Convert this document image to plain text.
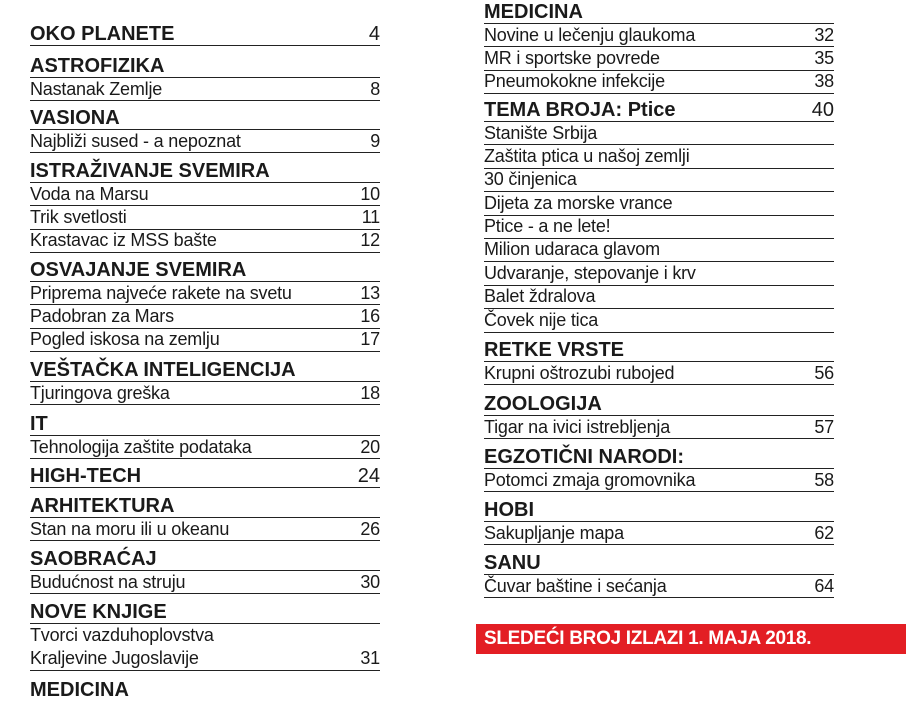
OKO PLANETE	4
ASTROFIZIKA
Nastanak Zemlje	8
VASIONA
Najbliži sused - a nepoznat	9
ISTRAŽIVANJE SVEMIRA
Voda na Marsu	10
Trik svetlosti	11
Krastavac iz MSS bašte	12
OSVAJANJE SVEMIRA
Priprema najveće rakete na svetu	13
Padobran za Mars	16
Pogled iskosa na zemlju	17
VEŠTAČKA INTELIGENCIJA
Tjuringova greška	18
IT
Tehnologija zaštite podataka	20
HIGH-TECH	24
ARHITEKTURA
Stan na moru ili u okeanu	26
SAOBRAĆAJ
Budućnost na struju	30
NOVE KNJIGE
Tvorci vazduhoplovstva
Kraljevine Jugoslavije	31
MEDICINA
Novine u lečenju glaukoma	32
MR i sportske povrede	35
Pneumokokne infekcije	38
TEMA BROJA: Ptice	40
Stanište Srbija
Zaštita ptica u našoj zemlji
30 činjenica
Dijeta za morske vrance
Ptice - a ne lete!
Milion udaraca glavom
Udvaranje, stepovanje i krv
Balet ždralova
Čovek nije tica
RETKE VRSTE
Krupni oštrozubi rubojed	56
ZOOLOGIJA
Tigar na ivici istrebljenja	57
EGZOTIČNI NARODI:
Potomci zmaja gromovnika	58
HOBI
Sakupljanje mapa	62
SANU
Čuvar baštine i sećanja	64
SLEDEĆI BROJ IZLAZI 1. MAJA 2018.
MEDICINA
